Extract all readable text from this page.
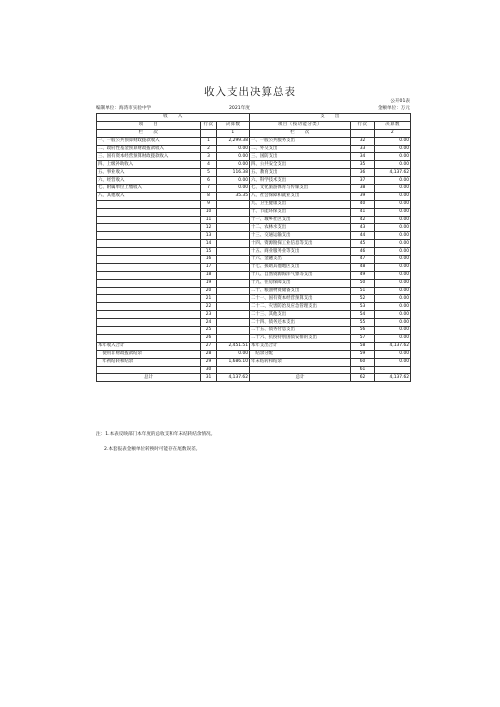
收入支出决算总表
公开01表
编制单位：海湾市实验中学	2021年度	金额单位：万元
收　　入			支　　出		
项　　目	行次	决算数	项目（按功能分类）	行次	决算数
栏　　次		1	栏　　次		2
一、一般公共预算财政拨款收入	1	2,299.38	一、一般公共服务支出	32	0.00
二、政府性基金预算财政拨款收入	2	0.00	二、外交支出	33	0.00
三、国有资本经营预算财政拨款收入	3	0.00	三、国防支出	34	0.00
四、上级补助收入	4	0.00	四、公共安全支出	35	0.00
五、事业收入	5	116.38	五、教育支出	36	4,137.62
六、经营收入	6	0.00	六、科学技术支出	37	0.00
七、附属单位上缴收入	7	0.00	七、文化旅游体育与传媒支出	38	0.00
八、其他收入	8	35.35	八、社会保障和就业支出	39	0.00
	9		九、卫生健康支出	40	0.00
	10		十、节能环保支出	41	0.00
	11		十一、城乡社区支出	42	0.00
	12		十二、农林水支出	43	0.00
	13		十三、交通运输支出	44	0.00
	14		十四、资源勘探工业信息等支出	45	0.00
	15		十五、商业服务业等支出	46	0.00
	16		十六、金融支出	47	0.00
	17		十七、援助其他地区支出	48	0.00
	18		十八、自然资源海洋气象等支出	49	0.00
	19		十九、住房保障支出	50	0.00
	20		二十、粮油物资储备支出	51	0.00
	21		二十一、国有资本经营预算支出	52	0.00
	22		二十二、灾害防治及应急管理支出	53	0.00
	23		二十三、其他支出	54	0.00
	24		二十四、债务还本支出	55	0.00
	25		二十五、债务付息支出	56	0.00
	26		二十六、抗疫特别国债安排的支出	57	0.00
本年收入合计	27	2,451.51	本年支出合计	58	4,137.62
　使用非财政拨款结余	28	0.00	　结余分配	59	0.00
　年初结转和结余	29	1,686.10	年末结转和结余	60	0.00
	30			61	
总计	31	4,137.62	总计	62	4,137.62
注：1.本表反映部门本年度的总收支和年末结转结余情况。
2.本套报表金额单位转换时可能存在尾数误差。
